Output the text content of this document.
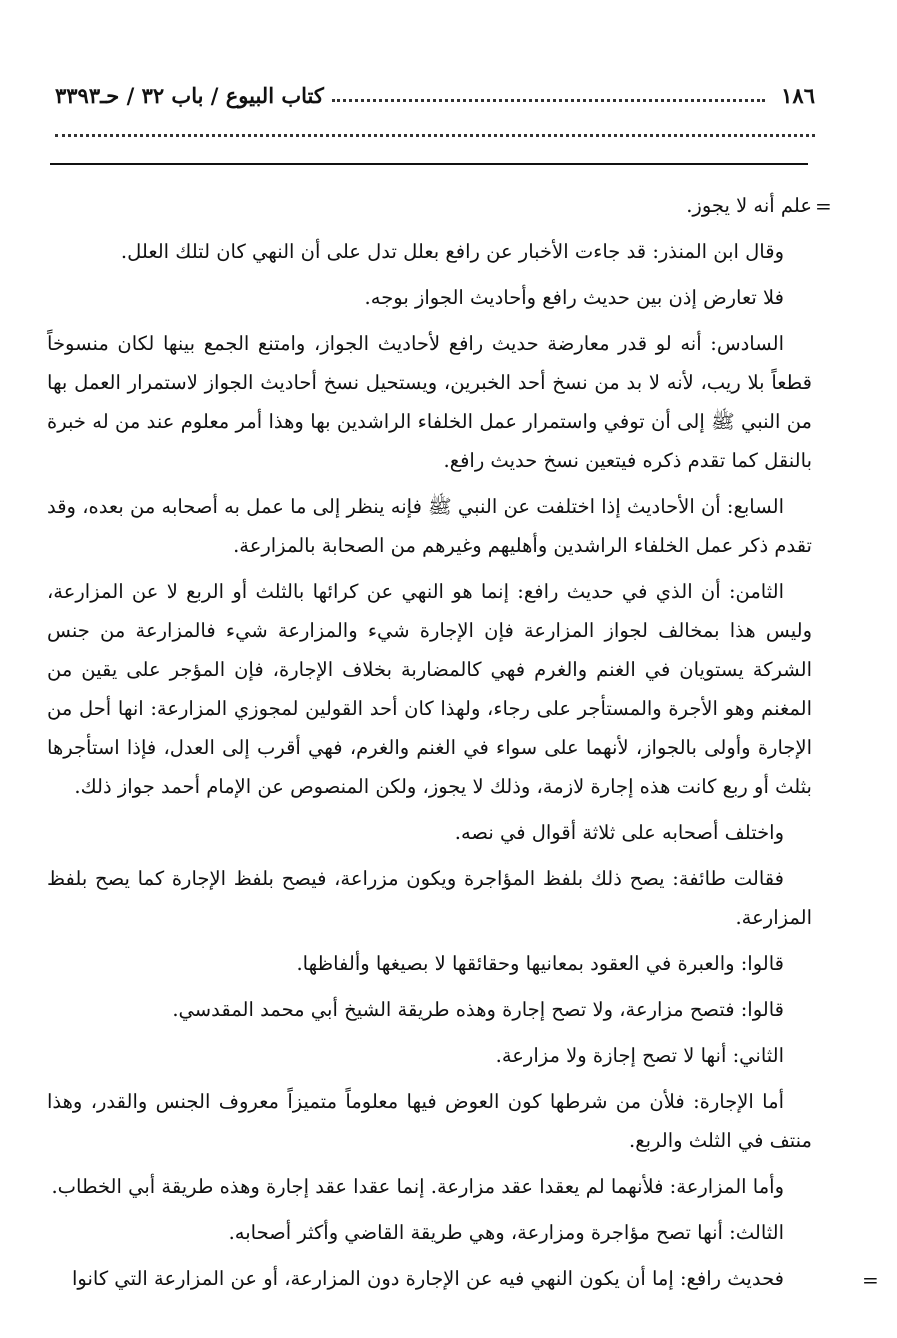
١٨٦
كتاب البيوع / باب ٣٢ / حـ٣٣٩٣
=

علم أنه لا يجوز.

وقال ابن المنذر: قد جاءت الأخبار عن رافع بعلل تدل على أن النهي كان لتلك العلل.

فلا تعارض إذن بين حديث رافع وأحاديث الجواز بوجه.

السادس: أنه لو قدر معارضة حديث رافع لأحاديث الجواز، وامتنع الجمع بينها لكان منسوخاً قطعاً بلا ريب، لأنه لا بد من نسخ أحد الخبرين، ويستحيل نسخ أحاديث الجواز لاستمرار العمل بها من النبي ﷺ إلى أن توفي واستمرار عمل الخلفاء الراشدين بها وهذا أمر معلوم عند من له خبرة بالنقل كما تقدم ذكره فيتعين نسخ حديث رافع.

السابع: أن الأحاديث إذا اختلفت عن النبي ﷺ فإنه ينظر إلى ما عمل به أصحابه من بعده، وقد تقدم ذكر عمل الخلفاء الراشدين وأهليهم وغيرهم من الصحابة بالمزارعة.

الثامن: أن الذي في حديث رافع: إنما هو النهي عن كرائها بالثلث أو الربع لا عن المزارعة، وليس هذا بمخالف لجواز المزارعة فإن الإجارة شيء والمزارعة شيء فالمزارعة من جنس الشركة يستويان في الغنم والغرم فهي كالمضاربة بخلاف الإجارة، فإن المؤجر على يقين من المغنم وهو الأجرة والمستأجر على رجاء، ولهذا كان أحد القولين لمجوزي المزارعة: انها أحل من الإجارة وأولى بالجواز، لأنهما على سواء في الغنم والغرم، فهي أقرب إلى العدل، فإذا استأجرها بثلث أو ربع كانت هذه إجارة لازمة، وذلك لا يجوز، ولكن المنصوص عن الإمام أحمد جواز ذلك.

واختلف أصحابه على ثلاثة أقوال في نصه.

فقالت طائفة: يصح ذلك بلفظ المؤاجرة ويكون مزراعة، فيصح بلفظ الإجارة كما يصح بلفظ المزارعة.

قالوا: والعبرة في العقود بمعانيها وحقائقها لا بصيغها وألفاظها.

قالوا: فتصح مزارعة، ولا تصح إجارة وهذه طريقة الشيخ أبي محمد المقدسي.

الثاني: أنها لا تصح إجازة ولا مزارعة.

أما الإجارة: فلأن من شرطها كون العوض فيها معلوماً متميزاً معروف الجنس والقدر، وهذا منتف في الثلث والربع.

وأما المزارعة: فلأنهما لم يعقدا عقد مزارعة. إنما عقدا عقد إجارة وهذه طريقة أبي الخطاب.

الثالث: أنها تصح مؤاجرة ومزارعة، وهي طريقة القاضي وأكثر أصحابه.

فحديث رافع: إما أن يكون النهي فيه عن الإجارة دون المزارعة، أو عن المزارعة التي كانوا	=
